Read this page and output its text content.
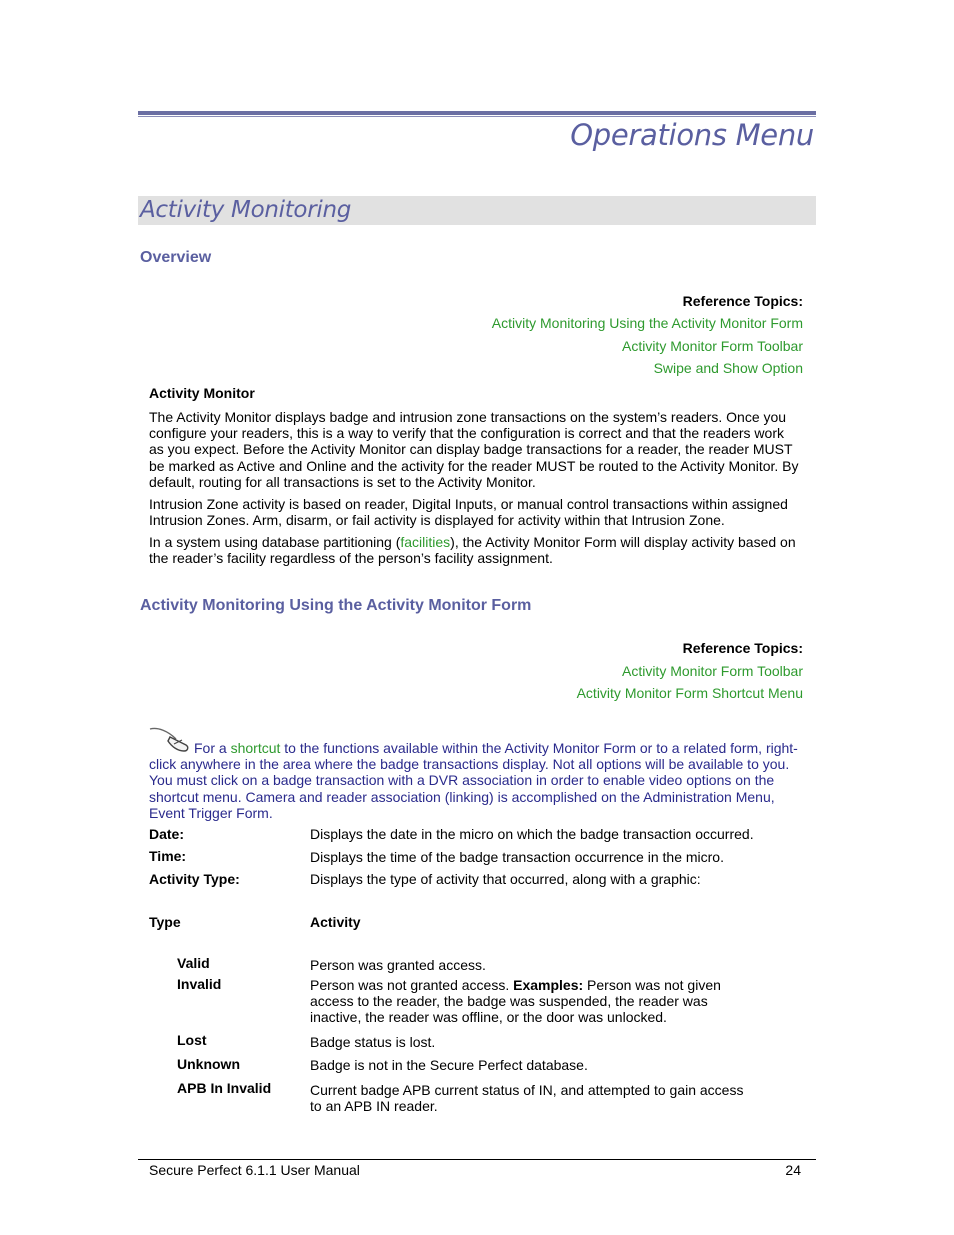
Operations Menu
Activity Monitoring
Overview
Reference Topics:
Activity Monitoring Using the Activity Monitor Form
Activity Monitor Form Toolbar
Swipe and Show Option
Activity Monitor
The Activity Monitor displays badge and intrusion zone transactions on the system’s readers. Once you
configure your readers, this is a way to verify that the configuration is correct and that the readers work
as you expect. Before the Activity Monitor can display badge transactions for a reader, the reader MUST
be marked as Active and Online and the activity for the reader MUST be routed to the Activity Monitor. By
default, routing for all transactions is set to the Activity Monitor.
Intrusion Zone activity is based on reader, Digital Inputs, or manual control transactions within assigned
Intrusion Zones. Arm, disarm, or fail activity is displayed for activity within that Intrusion Zone.
In a system using database partitioning (facilities), the Activity Monitor Form will display activity based on
the reader’s facility regardless of the person’s facility assignment.
Activity Monitoring Using the Activity Monitor Form
Reference Topics:
Activity Monitor Form Toolbar
Activity Monitor Form Shortcut Menu
For a shortcut to the functions available within the Activity Monitor Form or to a related form, right-
click anywhere in the area where the badge transactions display. Not all options will be available to you.
You must click on a badge transaction with a DVR association in order to enable video options on the
shortcut menu. Camera and reader association (linking) is accomplished on the Administration Menu,
Event Trigger Form.
Date:	Displays the date in the micro on which the badge transaction occurred.
Time:	Displays the time of the badge transaction occurrence in the micro.
Activity Type:	Displays the type of activity that occurred, along with a graphic:
Type	Activity
Valid	Person was granted access.
Invalid	Person was not granted access. Examples: Person was not given
access to the reader, the badge was suspended, the reader was
inactive, the reader was offline, or the door was unlocked.
Lost	Badge status is lost.
Unknown	Badge is not in the Secure Perfect database.
APB In Invalid	Current badge APB current status of IN, and attempted to gain access
to an APB IN reader.
Secure Perfect 6.1.1 User Manual	24
